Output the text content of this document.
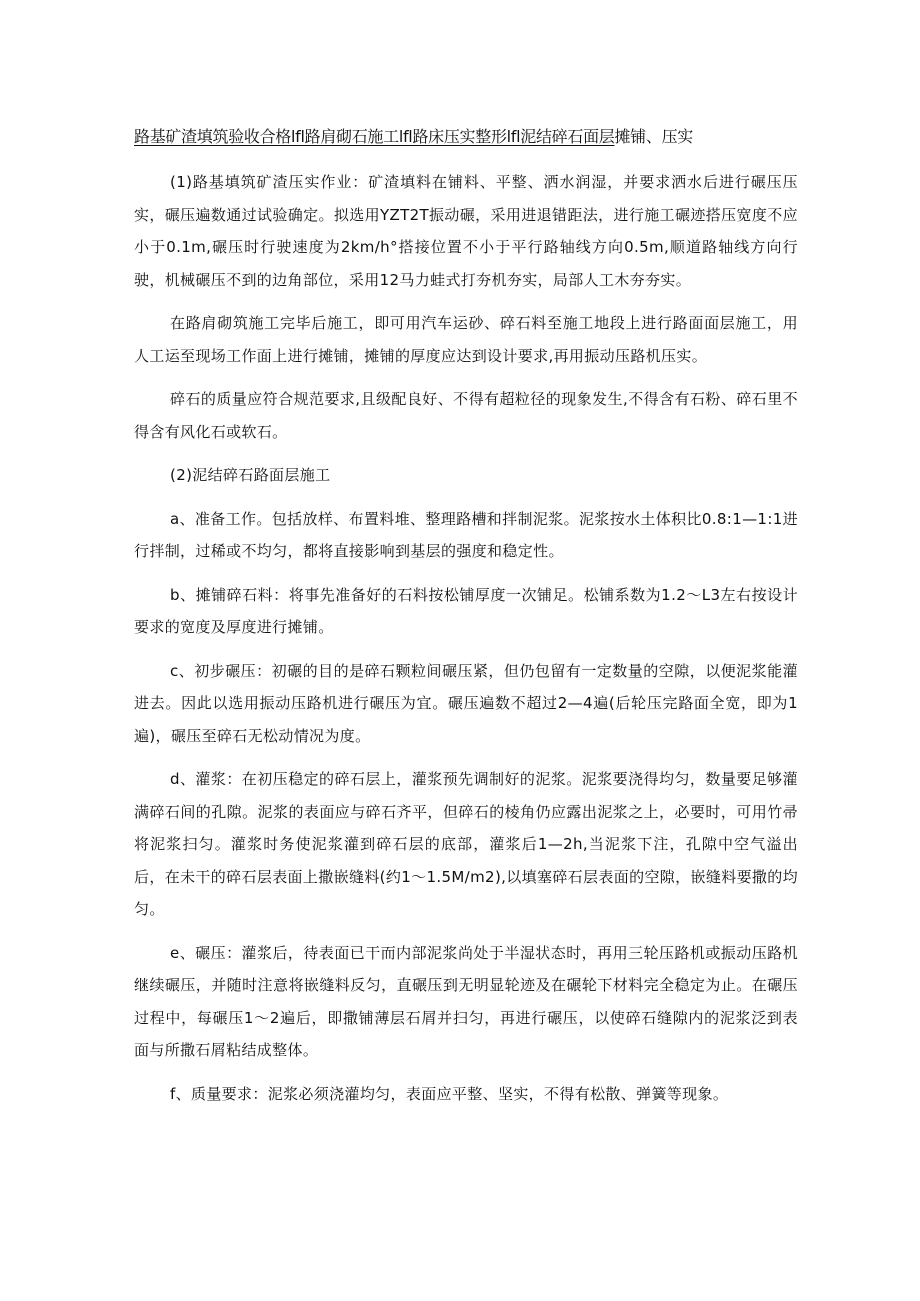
路基矿渣填筑验收合格lfl路肩砌石施工lfl路床压实整形lfl泥结碎石面层摊铺、压实

(1)路基填筑矿渣压实作业：矿渣填料在铺料、平整、洒水润湿，并要求洒水后进行碾压压实，碾压遍数通过试验确定。拟选用YZT2T振动碾，采用进退错距法，进行施工碾迹搭压宽度不应小于0.1m,碾压时行驶速度为2km∕h°搭接位置不小于平行路轴线方向0.5m,顺道路轴线方向行驶，机械碾压不到的边角部位，采用12马力蛙式打夯机夯实，局部人工木夯夯实。

在路肩砌筑施工完毕后施工，即可用汽车运砂、碎石料至施工地段上进行路面面层施工，用人工运至现场工作面上进行摊铺，摊铺的厚度应达到设计要求,再用振动压路机压实。

碎石的质量应符合规范要求,且级配良好、不得有超粒径的现象发生,不得含有石粉、碎石里不得含有风化石或软石。

(2)泥结碎石路面层施工

a、准备工作。包括放样、布置料堆、整理路槽和拌制泥浆。泥浆按水土体积比0.8:1—1:1进行拌制，过稀或不均匀，都将直接影响到基层的强度和稳定性。

b、摊铺碎石料：将事先准备好的石料按松铺厚度一次铺足。松铺系数为1.2～L3左右按设计要求的宽度及厚度进行摊铺。

c、初步碾压：初碾的目的是碎石颗粒间碾压紧，但仍包留有一定数量的空隙，以便泥浆能灌进去。因此以选用振动压路机进行碾压为宜。碾压遍数不超过2—4遍(后轮压完路面全宽，即为1遍)，碾压至碎石无松动情况为度。

d、灌浆：在初压稳定的碎石层上，灌浆预先调制好的泥浆。泥浆要浇得均匀，数量要足够灌满碎石间的孔隙。泥浆的表面应与碎石齐平，但碎石的棱角仍应露出泥浆之上，必要时，可用竹帚将泥浆扫匀。灌浆时务使泥浆灌到碎石层的底部，灌浆后1—2h,当泥浆下注，孔隙中空气溢出后，在未干的碎石层表面上撒嵌缝料(约1～1.5M∕m2),以填塞碎石层表面的空隙，嵌缝料要撒的均匀。

e、碾压：灌浆后，待表面已干而内部泥浆尚处于半湿状态时，再用三轮压路机或振动压路机继续碾压，并随时注意将嵌缝料反匀，直碾压到无明显轮迹及在碾轮下材料完全稳定为止。在碾压过程中，每碾压1～2遍后，即撒铺薄层石屑并扫匀，再进行碾压，以使碎石缝隙内的泥浆泛到表面与所撒石屑粘结成整体。

f、质量要求：泥浆必须浇灌均匀，表面应平整、坚实，不得有松散、弹簧等现象。
